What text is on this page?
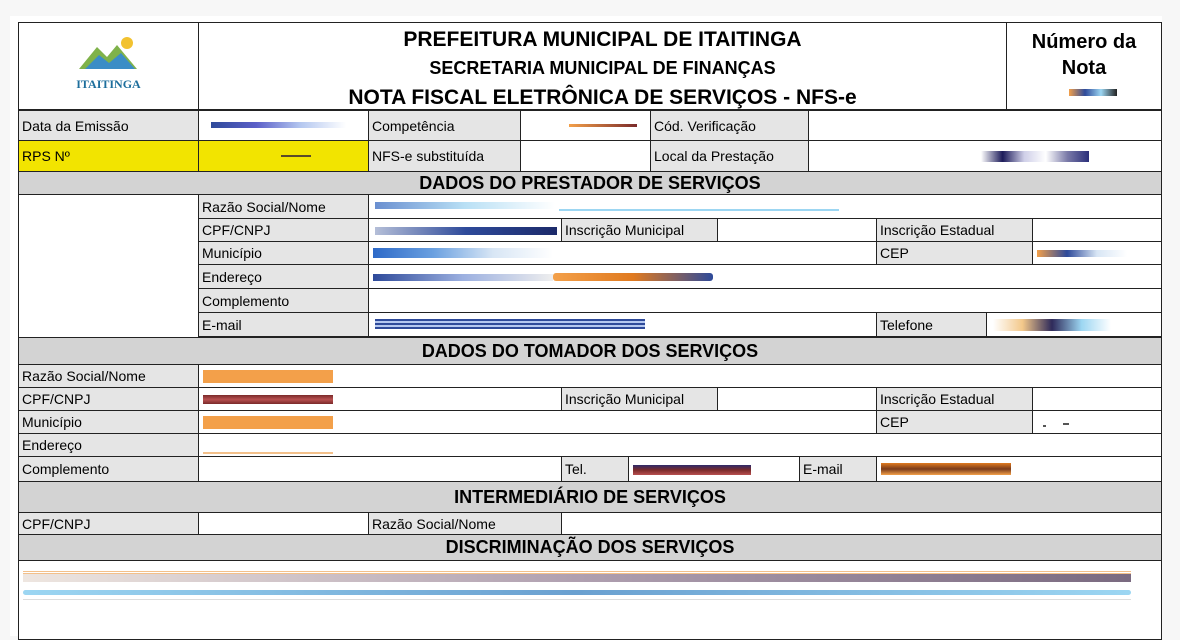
ITAITINGA
PREFEITURA MUNICIPAL DE ITAITINGA
SECRETARIA MUNICIPAL DE FINANÇAS
NOTA FISCAL ELETRÔNICA DE SERVIÇOS - NFS-e
Número da
Nota
Data da Emissão	Competência	Cód. Verificação
RPS Nº	NFS-e substituída	Local da Prestação
DADOS DO PRESTADOR DE SERVIÇOS
Razão Social/Nome
CPF/CNPJ	Inscrição Municipal	Inscrição Estadual
Município	CEP
Endereço
Complemento
E-mail	Telefone
DADOS DO TOMADOR DOS SERVIÇOS
Razão Social/Nome
CPF/CNPJ	Inscrição Municipal	Inscrição Estadual
Município	CEP
Endereço
Complemento	Tel.	E-mail
INTERMEDIÁRIO DE SERVIÇOS
CPF/CNPJ	Razão Social/Nome
DISCRIMINAÇÃO DOS SERVIÇOS
